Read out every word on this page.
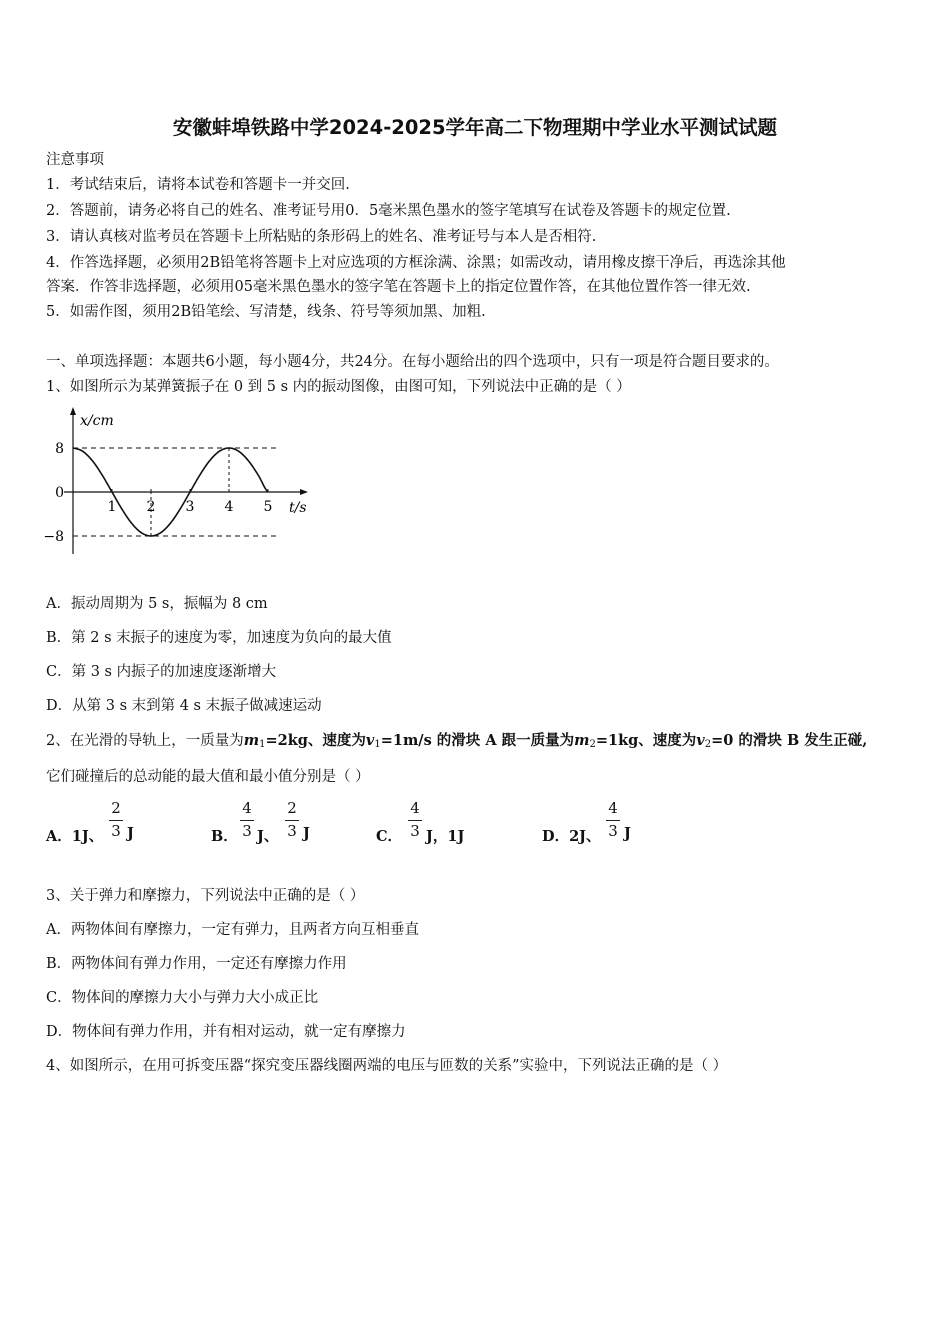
安徽蚌埠铁路中学2024-2025学年高二下物理期中学业水平测试试题
注意事项
1．考试结束后，请将本试卷和答题卡一并交回.
2．答题前，请务必将自己的姓名、准考证号用0．5毫米黑色墨水的签字笔填写在试卷及答题卡的规定位置.
3．请认真核对监考员在答题卡上所粘贴的条形码上的姓名、准考证号与本人是否相符.
4．作答选择题，必须用2B铅笔将答题卡上对应选项的方框涂满、涂黑；如需改动，请用橡皮擦干净后，再选涂其他
答案．作答非选择题，必须用05毫米黑色墨水的签字笔在答题卡上的指定位置作答，在其他位置作答一律无效.
5．如需作图，须用2B铅笔绘、写清楚，线条、符号等须加黑、加粗.
一、单项选择题：本题共6小题，每小题4分，共24分。在每小题给出的四个选项中，只有一项是符合题目要求的。
1、如图所示为某弹簧振子在 0 到 5 s 内的振动图像，由图可知，下列说法中正确的是（ ）
x/cm
t/s
8
0
−8
1 2 3 4 5
A．振动周期为 5 s，振幅为 8 cm
B．第 2 s 末振子的速度为零，加速度为负向的最大值
C．第 3 s 内振子的加速度逐渐增大
D．从第 3 s 末到第 4 s 末振子做减速运动
2、在光滑的导轨上，一质量为$m_1=2kg$、速度为$v_1=1m/s$ 的滑块 A 跟一质量为$m_2=1kg$、速度为$v_2=0$ 的滑块 B 发生正碰,
它们碰撞后的总动能的最大值和最小值分别是（ ）
A．1J、 $\frac{2}{3}$ J	B． $\frac{4}{3}$ J、 $\frac{2}{3}$ J	C． $\frac{4}{3}$ J，1J	D．2J、 $\frac{4}{3}$ J
3、关于弹力和摩擦力，下列说法中正确的是（ ）
A．两物体间有摩擦力，一定有弹力，且两者方向互相垂直
B．两物体间有弹力作用，一定还有摩擦力作用
C．物体间的摩擦力大小与弹力大小成正比
D．物体间有弹力作用，并有相对运动，就一定有摩擦力
4、如图所示，在用可拆变压器“探究变压器线圈两端的电压与匝数的关系”实验中，下列说法正确的是（ ）
